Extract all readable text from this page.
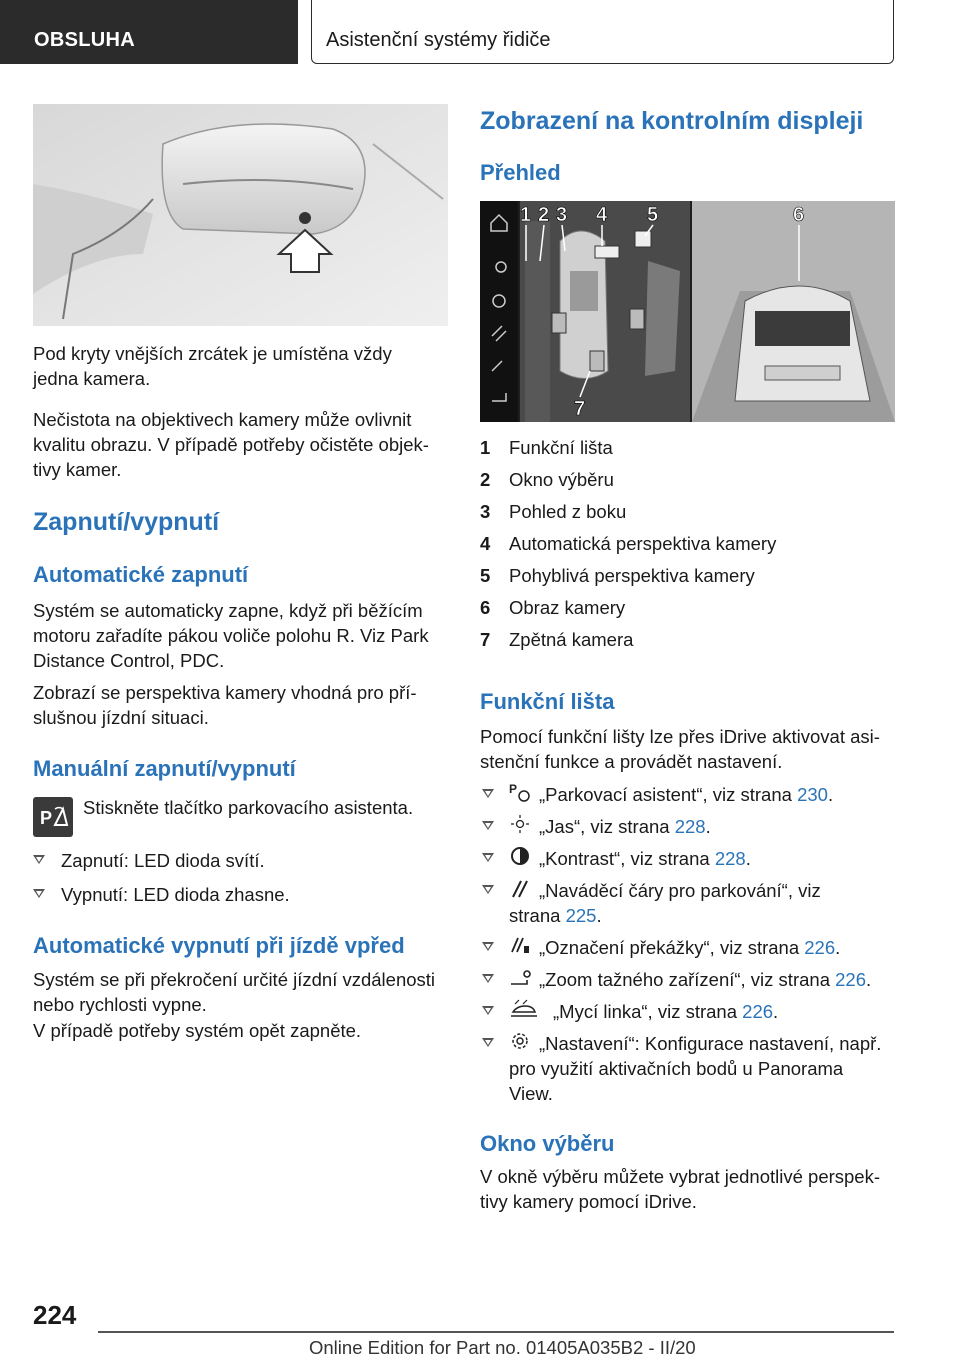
OBSLUHA	Asistenční systémy řidiče

Pod kryty vnějších zrcátek je umístěna vždy

jedna kamera.

Nečistota na objektivech kamery může ovlivnit

kvalitu obrazu. V případě potřeby očistěte objek-

tivy kamer.

Zapnutí/vypnutí
Automatické zapnutí

Systém se automaticky zapne, když při běžícím

motoru zařadíte pákou voliče polohu R. Viz Park

Distance Control, PDC.

Zobrazí se perspektiva kamery vhodná pro pří-

slušnou jízdní situaci.

Manuální zapnutí/vypnutí
P Stiskněte tlačítko parkovacího asistenta.

Zapnutí: LED dioda svítí.
Vypnutí: LED dioda zhasne.
Automatické vypnutí při jízdě vpřed

Systém se při překročení určité jízdní vzdálenosti

nebo rychlosti vypne.

V případě potřeby systém opět zapněte.

Zobrazení na kontrolním displeji
Přehled
1 2 3 4 5	6
7
1 Funkční lišta
2 Okno výběru
3 Pohled z boku
4 Automatická perspektiva kamery
5 Pohyblivá perspektiva kamery
6 Obraz kamery
7 Zpětná kamera
Funkční lišta

Pomocí funkční lišty lze přes iDrive aktivovat asi-

stenční funkce a provádět nastavení.

P „Parkovací asistent“, viz strana 230.
„Jas“, viz strana 228.
„Kontrast“, viz strana 228.
„Naváděcí čáry pro parkování“, viz
strana 225.
„Označení překážky“, viz strana 226.
„Zoom tažného zařízení“, viz strana 226.
„Mycí linka“, viz strana 226.
„Nastavení“: Konfigurace nastavení, např.
pro využití aktivačních bodů u Panorama
View.
Okno výběru

V okně výběru můžete vybrat jednotlivé perspek-

tivy kamery pomocí iDrive.

224
Online Edition for Part no. 01405A035B2 - II/20
